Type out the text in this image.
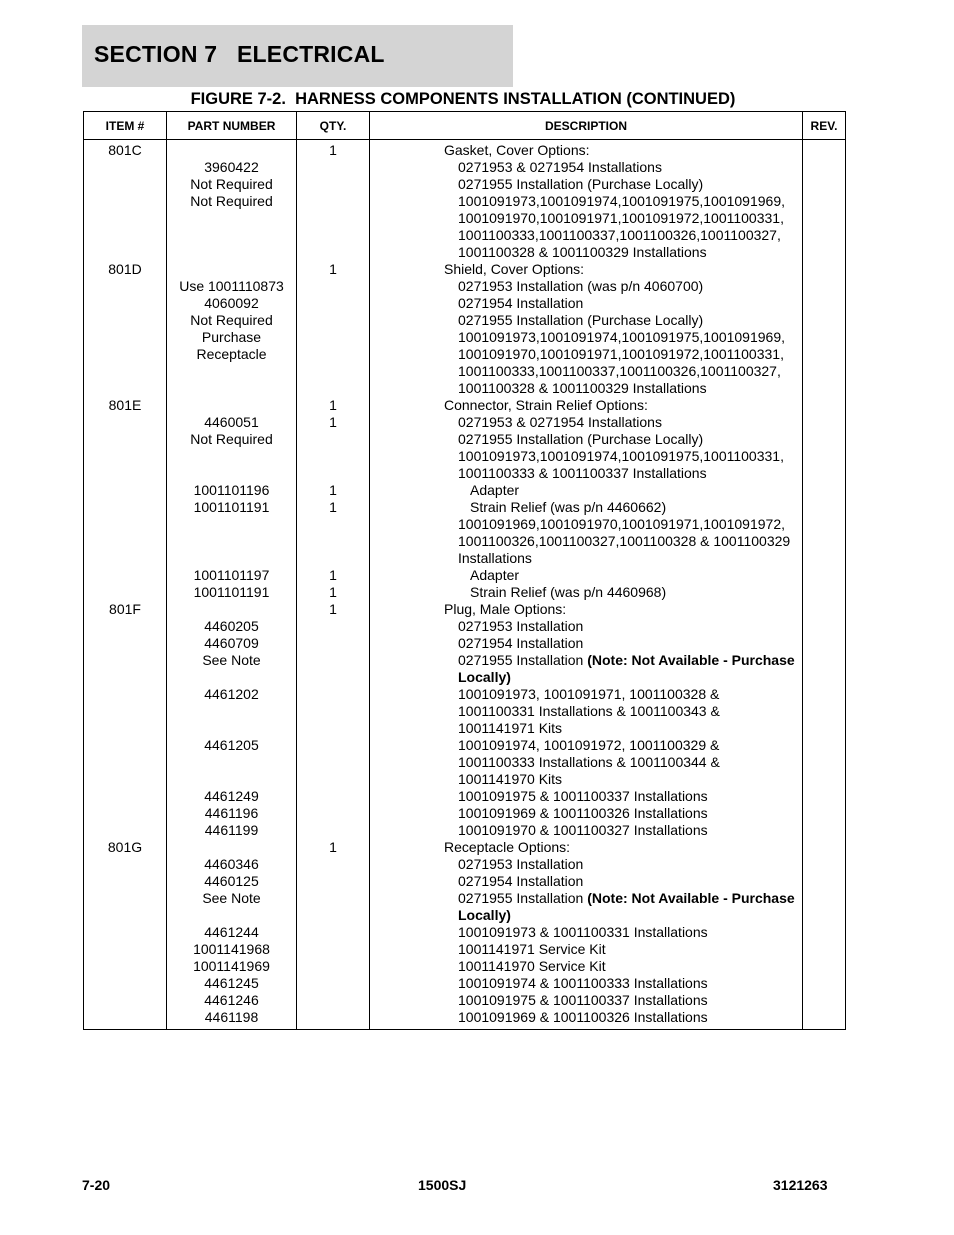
SECTION 7   ELECTRICAL
FIGURE 7-2.  HARNESS COMPONENTS INSTALLATION (CONTINUED)
ITEM #	PART NUMBER	QTY.	DESCRIPTION	REV.
801C		1	Gasket, Cover Options:	

	3960422		0271953 & 0271954 Installations	

	Not Required		0271955 Installation (Purchase Locally)	

	Not Required		1001091973,1001091974,1001091975,1001091969,
1001091970,1001091971,1001091972,1001100331,
1001100333,1001100337,1001100326,1001100327,
1001100328 & 1001100329 Installations	

801D		1	Shield, Cover Options:	

	Use 1001110873		0271953 Installation (was p/n 4060700)	

	4060092		0271954 Installation	

	Not Required		0271955 Installation (Purchase Locally)	

	Purchase
Receptacle		1001091973,1001091974,1001091975,1001091969,
1001091970,1001091971,1001091972,1001100331,
1001100333,1001100337,1001100326,1001100327,
1001100328 & 1001100329 Installations	

801E		1	Connector, Strain Relief Options:	

	4460051	1	0271953 & 0271954 Installations	

	Not Required		0271955 Installation (Purchase Locally)	

			1001091973,1001091974,1001091975,1001100331,
1001100333 & 1001100337 Installations	

	1001101196	1	Adapter	

	1001101191	1	Strain Relief (was p/n 4460662)	

			1001091969,1001091970,1001091971,1001091972,
1001100326,1001100327,1001100328 & 1001100329
Installations	

	1001101197	1	Adapter	

	1001101191	1	Strain Relief (was p/n 4460968)	

801F		1	Plug, Male Options:	

	4460205		0271953 Installation	

	4460709		0271954 Installation	

	See Note		0271955 Installation (Note: Not Available - Purchase Locally)	

	4461202		1001091973, 1001091971, 1001100328 &
1001100331 Installations & 1001100343 &
1001141971 Kits	

	4461205		1001091974, 1001091972, 1001100329 &
1001100333 Installations & 1001100344 &
1001141970 Kits	

	4461249		1001091975 & 1001100337 Installations	

	4461196		1001091969 & 1001100326 Installations	

	4461199		1001091970 & 1001100327 Installations	

801G		1	Receptacle Options:	

	4460346		0271953 Installation	

	4460125		0271954 Installation	

	See Note		0271955 Installation (Note: Not Available - Purchase Locally)	

	4461244		1001091973 & 1001100331 Installations	

	1001141968		1001141971 Service Kit	

	1001141969		1001141970 Service Kit	

	4461245		1001091974 & 1001100333 Installations	

	4461246		1001091975 & 1001100337 Installations	

	4461198		1001091969 & 1001100326 Installations	

7-20	1500SJ	3121263
